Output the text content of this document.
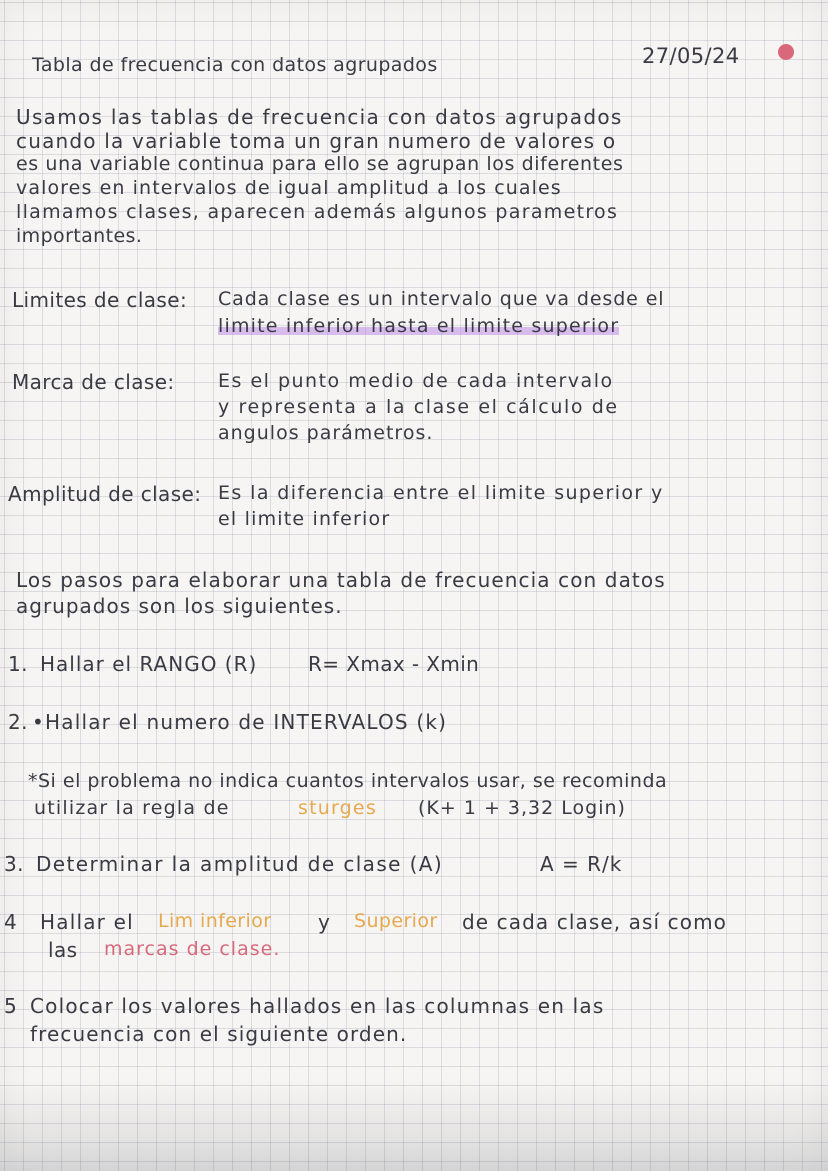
Tabla de frecuencia con datos agrupados	27/05/24
Usamos las tablas de frecuencia con datos agrupados
cuando la variable toma un gran numero de valores o
es una variable continua para ello se agrupan los diferentes
valores en intervalos de igual amplitud a los cuales
llamamos clases, aparecen además algunos parametros
importantes.
Limites de clase: Cada clase es un intervalo que va desde el
limite inferior hasta el limite superior
Marca de clase: Es el punto medio de cada intervalo
y representa a la clase el cálculo de
angulos parámetros.
Amplitud de clase: Es la diferencia entre el limite superior y
el limite inferior
Los pasos para elaborar una tabla de frecuencia con datos
agrupados son los siguientes.
1. Hallar el RANGO (R)	R= Xmax - Xmin
2. •Hallar el numero de INTERVALOS (k)
*Si el problema no indica cuantos intervalos usar, se recominda
utilizar la regla de	sturges (K+ 1 + 3,32 Login)
3. Determinar la amplitud de clase (A)	A = R/k
4 Hallar el Lim inferior y Superior de cada clase, así como
las marcas de clase.
5 Colocar los valores hallados en las columnas en las
frecuencia con el siguiente orden.
